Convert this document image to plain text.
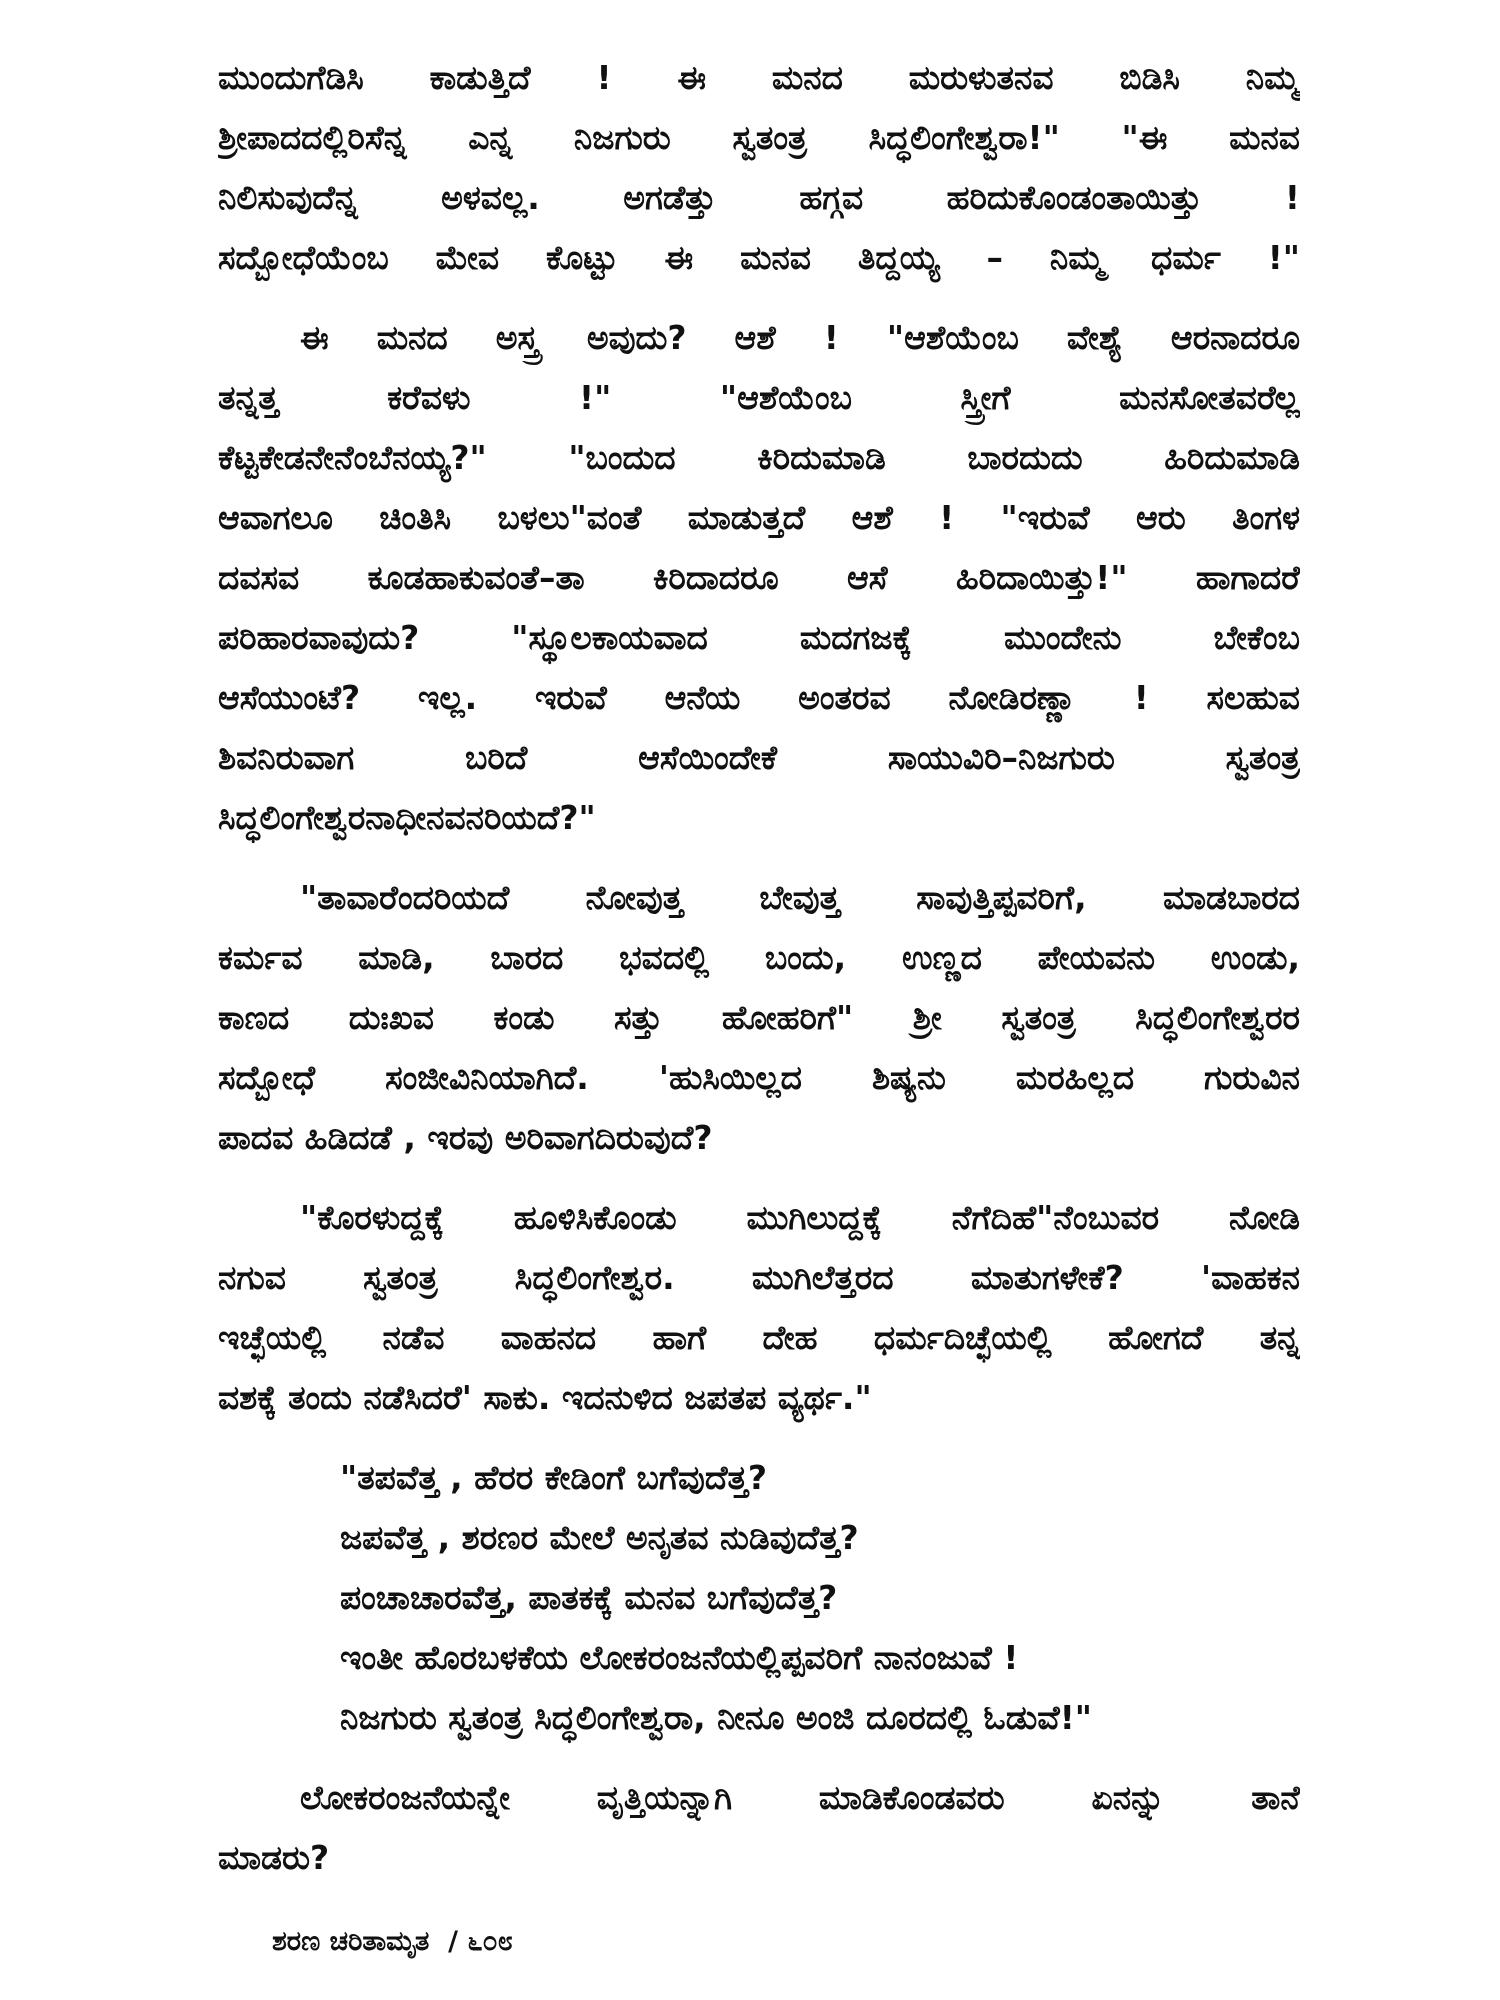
ಮುಂದುಗೆಡಿಸಿ ಕಾಡುತ್ತಿದೆ ! ಈ ಮನದ ಮರುಳುತನವ ಬಿಡಿಸಿ ನಿಮ್ಮ
ಶ್ರೀಪಾದದಲ್ಲಿರಿಸೆನ್ನ ಎನ್ನ ನಿಜಗುರು ಸ್ವತಂತ್ರ ಸಿದ್ಧಲಿಂಗೇಶ್ವರಾ!" "ಈ ಮನವ
ನಿಲಿಸುವುದೆನ್ನ ಅಳವಲ್ಲ. ಅಗಡೆತ್ತು ಹಗ್ಗವ ಹರಿದುಕೊಂಡಂತಾಯಿತ್ತು !
ಸದ್ಬೋಧೆಯೆಂಬ ಮೇವ ಕೊಟ್ಟು ಈ ಮನವ ತಿದ್ದಯ್ಯ – ನಿಮ್ಮ ಧರ್ಮ !"
ಈ ಮನದ ಅಸ್ತ್ರ ಅವುದು? ಆಶೆ ! "ಆಶೆಯೆಂಬ ವೇಶ್ಯೆ ಆರನಾದರೂ
ತನ್ನತ್ತ ಕರೆವಳು !" "ಆಶೆಯೆಂಬ ಸ್ತ್ರೀಗೆ ಮನಸೋತವರೆಲ್ಲ
ಕೆಟ್ಟಕೇಡನೇನೆಂಬೆನಯ್ಯ?" "ಬಂದುದ ಕಿರಿದುಮಾಡಿ ಬಾರದುದು ಹಿರಿದುಮಾಡಿ
ಆವಾಗಲೂ ಚಿಂತಿಸಿ ಬಳಲು"ವಂತೆ ಮಾಡುತ್ತದೆ ಆಶೆ ! "ಇರುವೆ ಆರು ತಿಂಗಳ
ದವಸವ ಕೂಡಹಾಕುವಂತೆ–ತಾ ಕಿರಿದಾದರೂ ಆಸೆ ಹಿರಿದಾಯಿತ್ತು!" ಹಾಗಾದರೆ
ಪರಿಹಾರವಾವುದು? "ಸ್ಥೂಲಕಾಯವಾದ ಮದಗಜಕ್ಕೆ ಮುಂದೇನು ಬೇಕೆಂಬ
ಆಸೆಯುಂಟೆ? ಇಲ್ಲ. ಇರುವೆ ಆನೆಯ ಅಂತರವ ನೋಡಿರಣ್ಣಾ ! ಸಲಹುವ
ಶಿವನಿರುವಾಗ ಬರಿದೆ ಆಸೆಯಿಂದೇಕೆ ಸಾಯುವಿರಿ–ನಿಜಗುರು ಸ್ವತಂತ್ರ
ಸಿದ್ಧಲಿಂಗೇಶ್ವರನಾಧೀನವನರಿಯದೆ?"
"ತಾವಾರೆಂದರಿಯದೆ ನೋವುತ್ತ ಬೇವುತ್ತ ಸಾವುತ್ತಿಪ್ಪವರಿಗೆ, ಮಾಡಬಾರದ
ಕರ್ಮವ ಮಾಡಿ, ಬಾರದ ಭವದಲ್ಲಿ ಬಂದು, ಉಣ್ಣದ ಪೇಯವನು ಉಂಡು,
ಕಾಣದ ದುಃಖವ ಕಂಡು ಸತ್ತು ಹೋಹರಿಗೆ" ಶ್ರೀ ಸ್ವತಂತ್ರ ಸಿದ್ಧಲಿಂಗೇಶ್ವರರ
ಸದ್ಬೋಧೆ ಸಂಜೀವಿನಿಯಾಗಿದೆ. 'ಹುಸಿಯಿಲ್ಲದ ಶಿಷ್ಯನು ಮರಹಿಲ್ಲದ ಗುರುವಿನ
ಪಾದವ ಹಿಡಿದಡೆ , ಇರವು ಅರಿವಾಗದಿರುವುದೆ?
"ಕೊರಳುದ್ದಕ್ಕೆ ಹೂಳಿಸಿಕೊಂಡು ಮುಗಿಲುದ್ದಕ್ಕೆ ನೆಗೆದಿಹೆ"ನೆಂಬುವರ ನೋಡಿ
ನಗುವ ಸ್ವತಂತ್ರ ಸಿದ್ಧಲಿಂಗೇಶ್ವರ. ಮುಗಿಲೆತ್ತರದ ಮಾತುಗಳೇಕೆ? 'ವಾಹಕನ
ಇಚ್ಛೆಯಲ್ಲಿ ನಡೆವ ವಾಹನದ ಹಾಗೆ ದೇಹ ಧರ್ಮದಿಚ್ಛೆಯಲ್ಲಿ ಹೋಗದೆ ತನ್ನ
ವಶಕ್ಕೆ ತಂದು ನಡೆಸಿದರೆ' ಸಾಕು. ಇದನುಳಿದ ಜಪತಪ ವ್ಯರ್ಥ."
"ತಪವೆತ್ತ , ಹೆರರ ಕೇಡಿಂಗೆ ಬಗೆವುದೆತ್ತ?
ಜಪವೆತ್ತ , ಶರಣರ ಮೇಲೆ ಅನೃತವ ನುಡಿವುದೆತ್ತ?
ಪಂಚಾಚಾರವೆತ್ತ, ಪಾತಕಕ್ಕೆ ಮನವ ಬಗೆವುದೆತ್ತ?
ಇಂತೀ ಹೊರಬಳಕೆಯ ಲೋಕರಂಜನೆಯಲ್ಲಿಪ್ಪವರಿಗೆ ನಾನಂಜುವೆ !
ನಿಜಗುರು ಸ್ವತಂತ್ರ ಸಿದ್ಧಲಿಂಗೇಶ್ವರಾ, ನೀನೂ ಅಂಜಿ ದೂರದಲ್ಲಿ ಓಡುವೆ!"
ಲೋಕರಂಜನೆಯನ್ನೇ ವೃತ್ತಿಯನ್ನಾಗಿ ಮಾಡಿಕೊಂಡವರು ಏನನ್ನು ತಾನೆ
ಮಾಡರು?
ಶರಣ ಚರಿತಾಮೃತ / ೬೦೮
